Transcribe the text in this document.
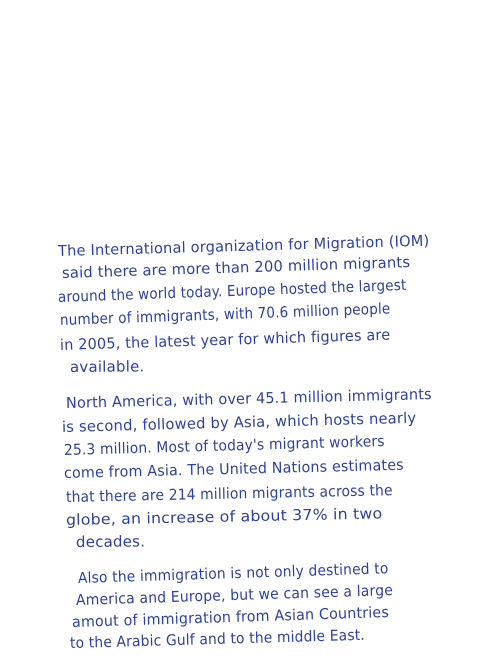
The International organization for Migration (IOM)
said there are more than 200 million migrants
around the world today. Europe hosted the largest
number of immigrants, with 70.6 million people
in 2005, the latest year for which figures are
available.
North America, with over 45.1 million immigrants
is second, followed by Asia, which hosts nearly
25.3 million. Most of today's migrant workers
come from Asia. The United Nations estimates
that there are 214 million migrants across the
globe, an increase of about 37% in two
decades.
Also the immigration is not only destined to
America and Europe, but we can see a large
amout of immigration from Asian Countries
to the Arabic Gulf and to the middle East.
